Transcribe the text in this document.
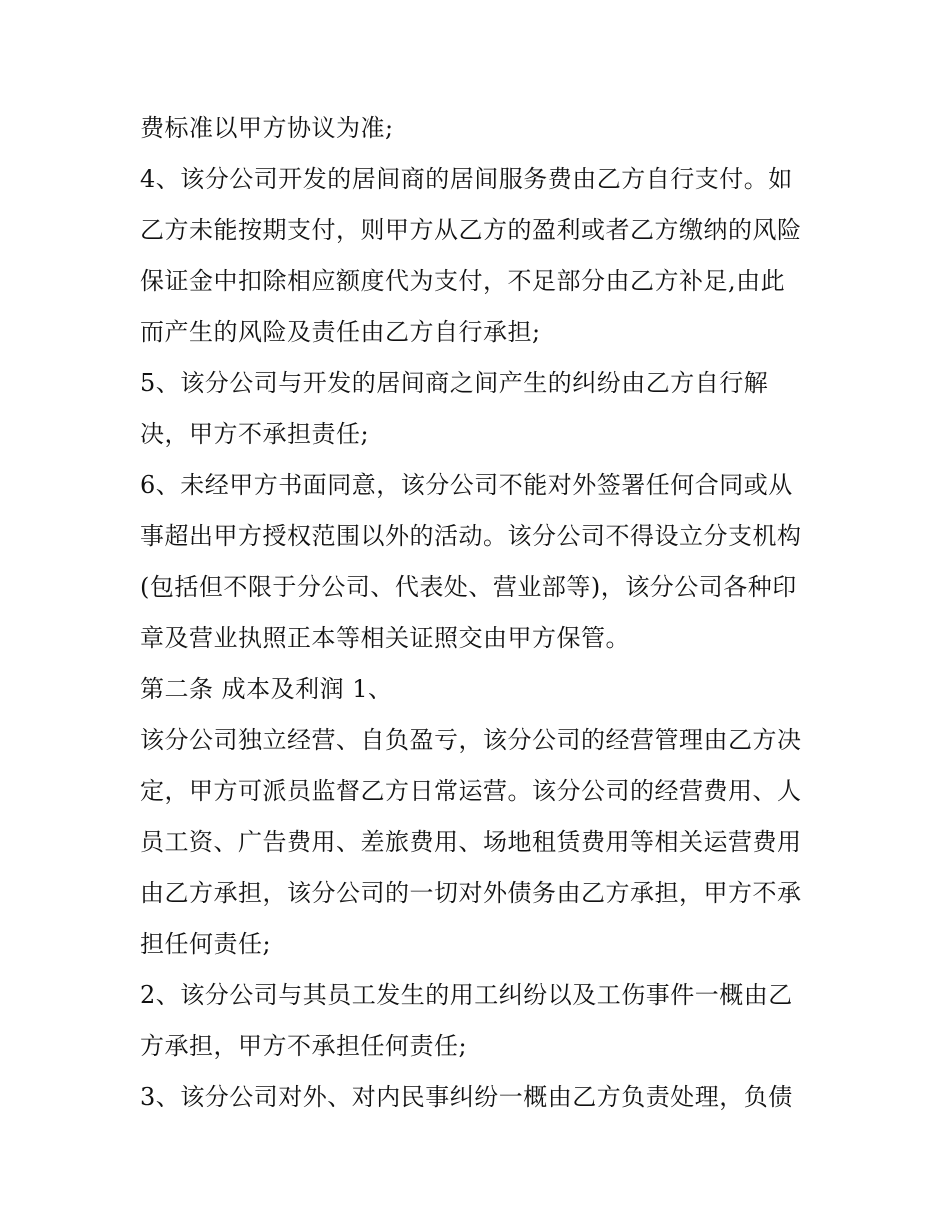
费标准以甲方协议为准;
4、该分公司开发的居间商的居间服务费由乙方自行支付。如
乙方未能按期支付，则甲方从乙方的盈利或者乙方缴纳的风险
保证金中扣除相应额度代为支付，不足部分由乙方补足,由此
而产生的风险及责任由乙方自行承担;
5、该分公司与开发的居间商之间产生的纠纷由乙方自行解
决，甲方不承担责任;
6、未经甲方书面同意，该分公司不能对外签署任何合同或从
事超出甲方授权范围以外的活动。该分公司不得设立分支机构
(包括但不限于分公司、代表处、营业部等)，该分公司各种印
章及营业执照正本等相关证照交由甲方保管。
第二条 成本及利润 1、
该分公司独立经营、自负盈亏，该分公司的经营管理由乙方决
定，甲方可派员监督乙方日常运营。该分公司的经营费用、人
员工资、广告费用、差旅费用、场地租赁费用等相关运营费用
由乙方承担，该分公司的一切对外债务由乙方承担，甲方不承
担任何责任;
2、该分公司与其员工发生的用工纠纷以及工伤事件一概由乙
方承担，甲方不承担任何责任;
3、该分公司对外、对内民事纠纷一概由乙方负责处理，负债
